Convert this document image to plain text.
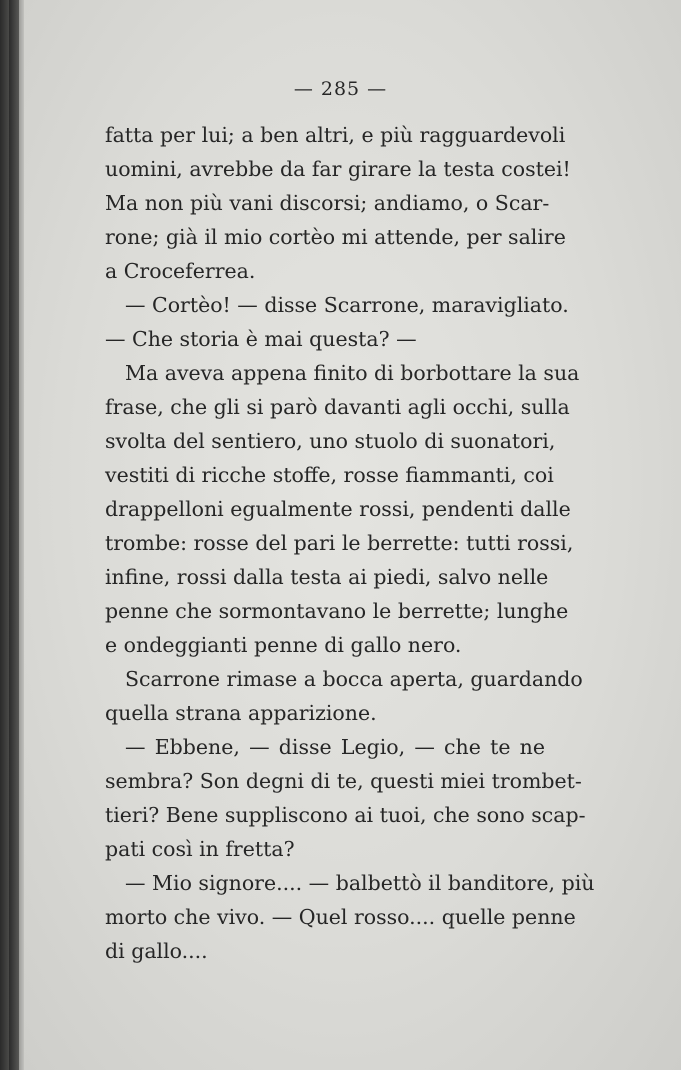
— 285 —
fatta per lui; a ben altri, e più ragguardevoli
uomini, avrebbe da far girare la testa costei!
Ma non più vani discorsi; andiamo, o Scar-
rone; già il mio cortèo mi attende, per salire
a Croceferrea.
— Cortèo! — disse Scarrone, maravigliato.
— Che storia è mai questa? —
Ma aveva appena finito di borbottare la sua
frase, che gli si parò davanti agli occhi, sulla
svolta del sentiero, uno stuolo di suonatori,
vestiti di ricche stoffe, rosse fiammanti, coi
drappelloni egualmente rossi, pendenti dalle
trombe: rosse del pari le berrette: tutti rossi,
infine, rossi dalla testa ai piedi, salvo nelle
penne che sormontavano le berrette; lunghe
e ondeggianti penne di gallo nero.
Scarrone rimase a bocca aperta, guardando
quella strana apparizione.
— Ebbene, — disse Legio, — che te ne
sembra? Son degni di te, questi miei trombet-
tieri? Bene suppliscono ai tuoi, che sono scap-
pati così in fretta?
— Mio signore.... — balbettò il banditore, più
morto che vivo. — Quel rosso.... quelle penne
di gallo....
